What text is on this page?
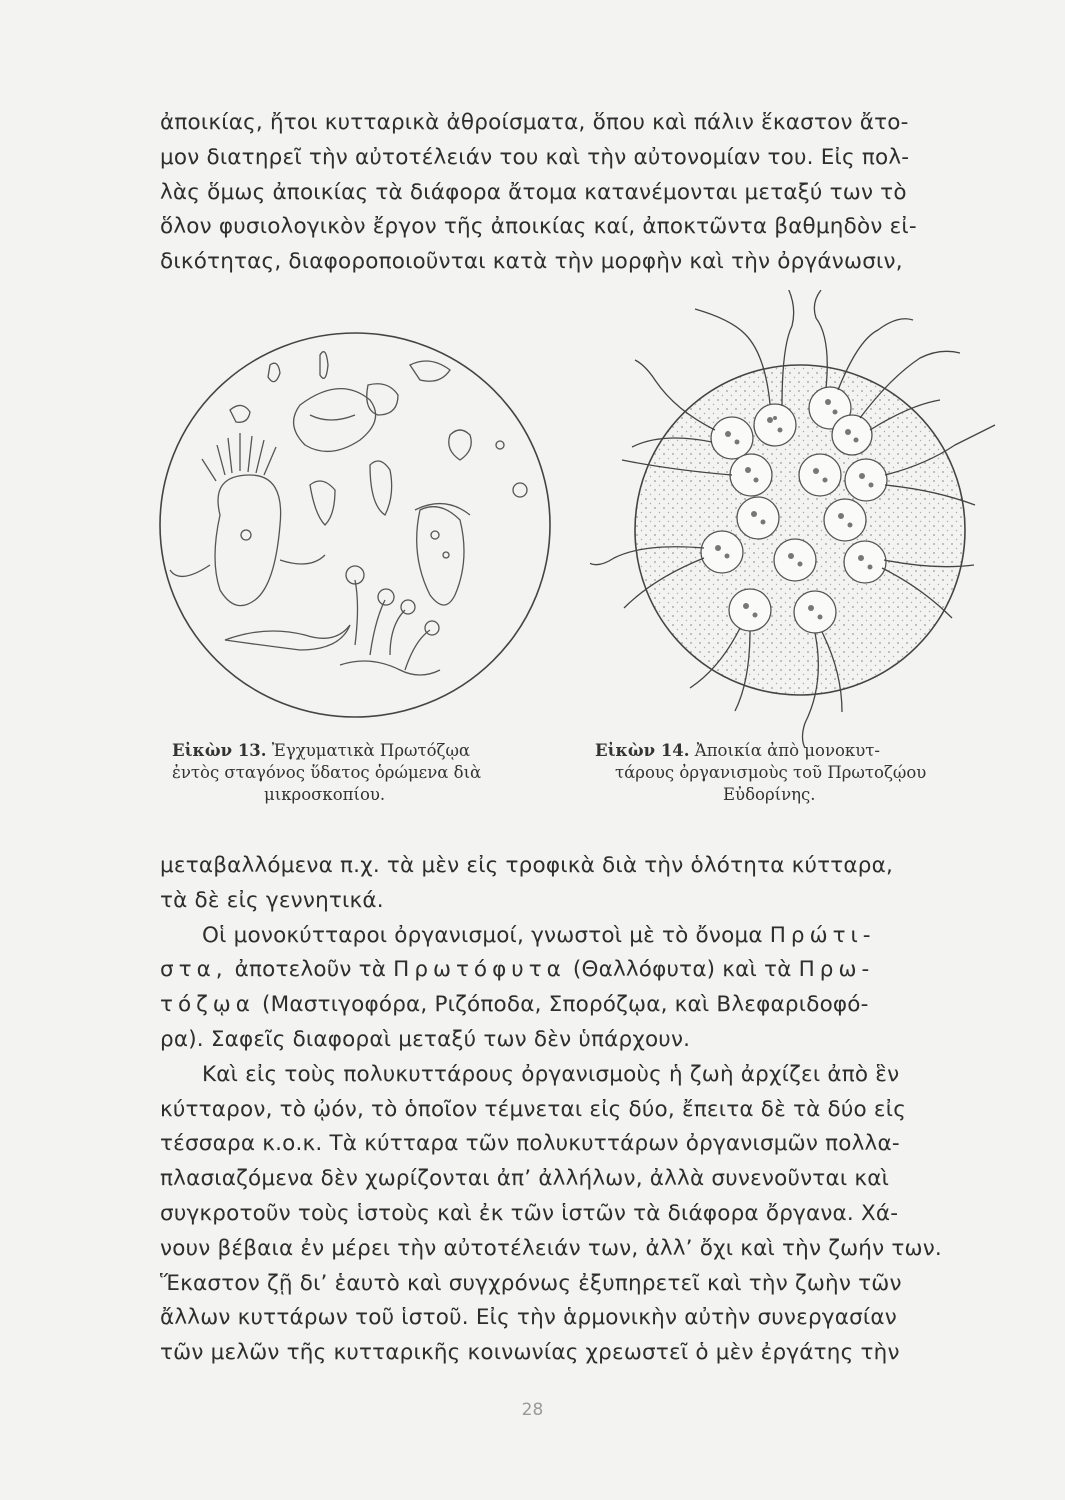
ἀποικίας, ἤτοι κυτταρικὰ ἀθροίσματα, ὅπου καὶ πάλιν ἕκαστον ἄτο-
μον διατηρεῖ τὴν αὐτοτέλειάν του καὶ τὴν αὐτονομίαν του. Εἰς πολ-
λὰς ὅμως ἀποικίας τὰ διάφορα ἄτομα κατανέμονται μεταξύ των τὸ
ὅλον φυσιολογικὸν ἔργον τῆς ἀποικίας καί, ἀποκτῶντα βαθμηδὸν εἰ-
δικότητας, διαφοροποιοῦνται κατὰ τὴν μορφὴν καὶ τὴν ὀργάνωσιν,
Εἰκὼν 13. Ἐγχυματικὰ Πρωτόζῳα
ἐντὸς σταγόνος ὕδατος ὁρώμενα διὰ
μικροσκοπίου.
Εἰκὼν 14. Ἀποικία ἀπὸ μονοκυτ-
τάρους ὀργανισμοὺς τοῦ Πρωτοζῴου
Εὐδορίνης.
μεταβαλλόμενα π.χ. τὰ μὲν εἰς τροφικὰ διὰ τὴν ὁλότητα κύτταρα,
τὰ δὲ εἰς γεννητικά.
Οἱ μονοκύτταροι ὀργανισμοί, γνωστοὶ μὲ τὸ ὄνομα Πρώτι-
στα, ἀποτελοῦν τὰ Πρωτόφυτα (Θαλλόφυτα) καὶ τὰ Πρω-
τόζῳα (Μαστιγοφόρα, Ριζόποδα, Σπορόζῳα, καὶ Βλεφαριδοφό-
ρα). Σαφεῖς διαφοραὶ μεταξύ των δὲν ὑπάρχουν.
Καὶ εἰς τοὺς πολυκυττάρους ὀργανισμοὺς ἡ ζωὴ ἀρχίζει ἀπὸ ἓν
κύτταρον, τὸ ᾠόν, τὸ ὁποῖον τέμνεται εἰς δύο, ἔπειτα δὲ τὰ δύο εἰς
τέσσαρα κ.ο.κ. Τὰ κύτταρα τῶν πολυκυττάρων ὀργανισμῶν πολλα-
πλασιαζόμενα δὲν χωρίζονται ἀπ’ ἀλλήλων, ἀλλὰ συνενοῦνται καὶ
συγκροτοῦν τοὺς ἱστοὺς καὶ ἐκ τῶν ἱστῶν τὰ διάφορα ὄργανα. Χά-
νουν βέβαια ἐν μέρει τὴν αὐτοτέλειάν των, ἀλλ’ ὄχι καὶ τὴν ζωήν των.
Ἕκαστον ζῇ δι’ ἑαυτὸ καὶ συγχρόνως ἐξυπηρετεῖ καὶ τὴν ζωὴν τῶν
ἄλλων κυττάρων τοῦ ἱστοῦ. Εἰς τὴν ἁρμονικὴν αὐτὴν συνεργασίαν
τῶν μελῶν τῆς κυτταρικῆς κοινωνίας χρεωστεῖ ὁ μὲν ἐργάτης τὴν
28
